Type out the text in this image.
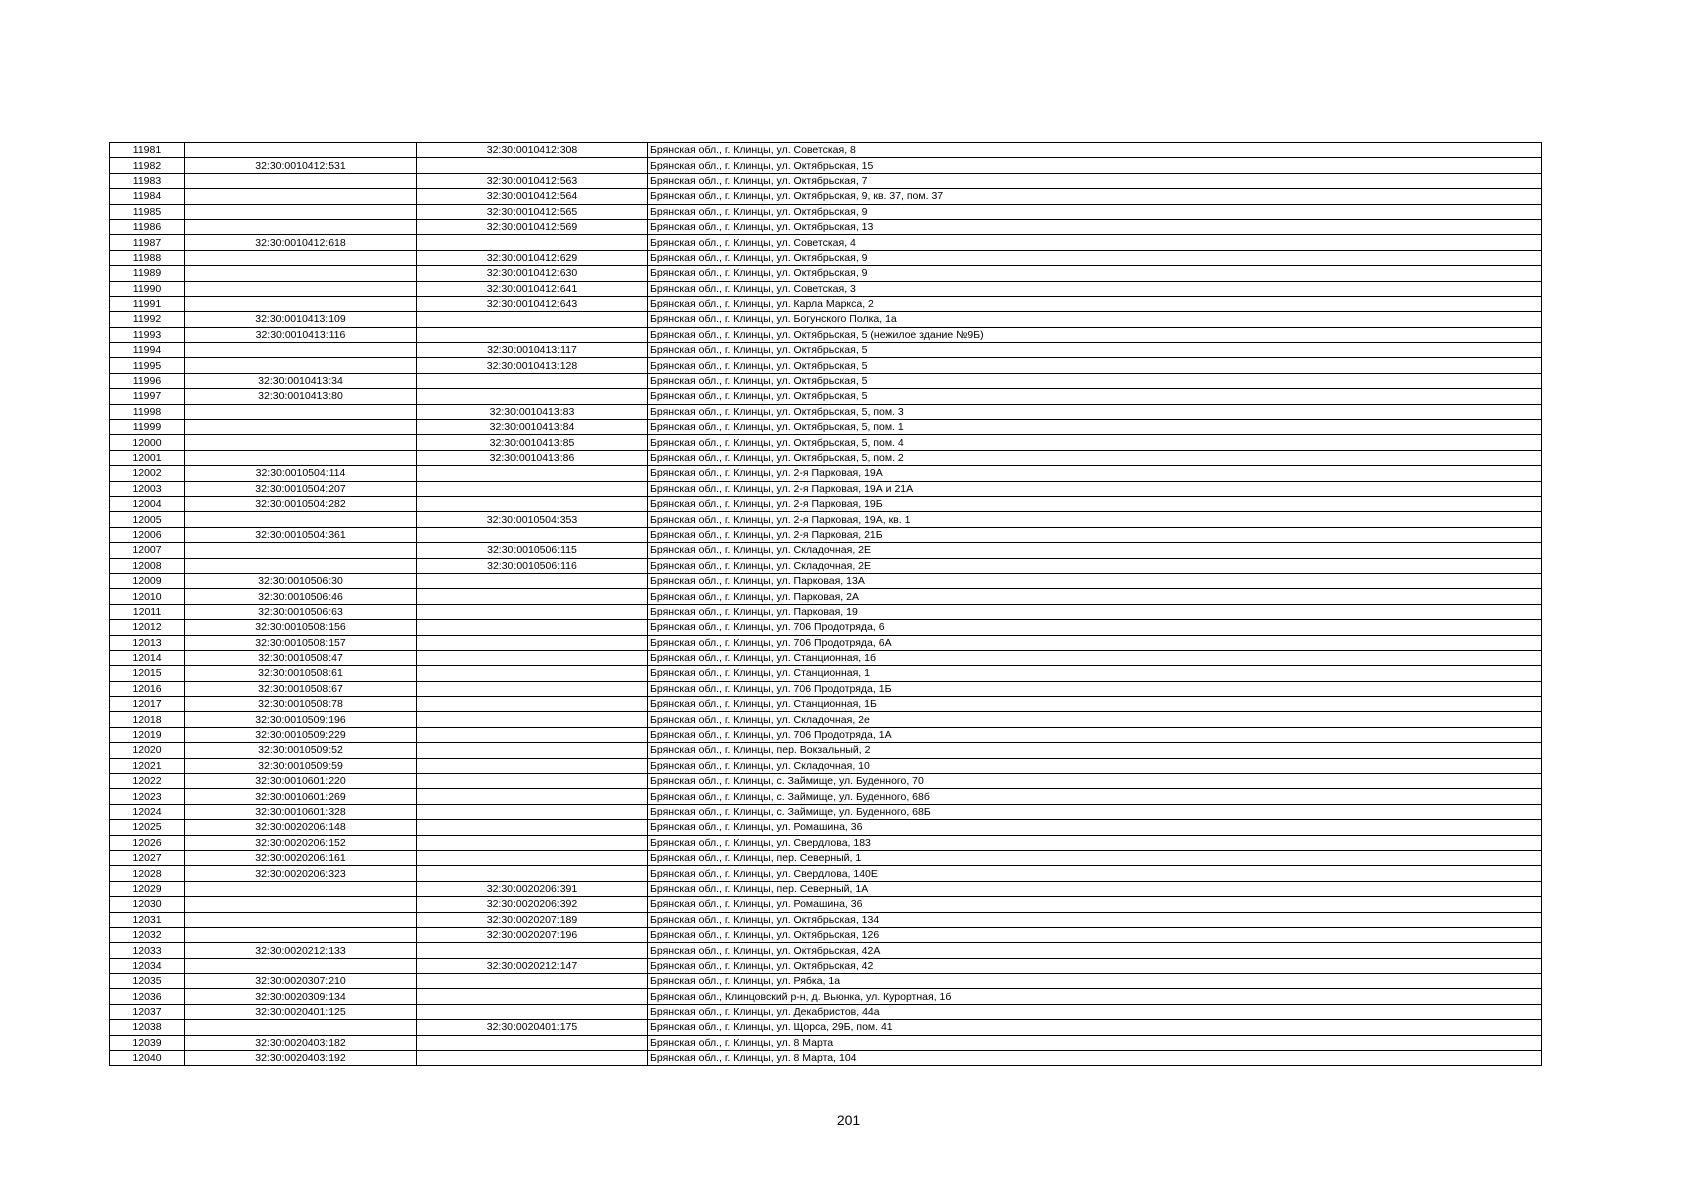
11981		32:30:0010412:308	Брянская обл., г. Клинцы, ул. Советская, 8
11982	32:30:0010412:531		Брянская обл., г. Клинцы, ул. Октябрьская, 15
11983		32:30:0010412:563	Брянская обл., г. Клинцы, ул. Октябрьская, 7
11984		32:30:0010412:564	Брянская обл., г. Клинцы, ул. Октябрьская, 9, кв. 37, пом. 37
11985		32:30:0010412:565	Брянская обл., г. Клинцы, ул. Октябрьская, 9
11986		32:30:0010412:569	Брянская обл., г. Клинцы, ул. Октябрьская, 13
11987	32:30:0010412:618		Брянская обл., г. Клинцы, ул. Советская, 4
11988		32:30:0010412:629	Брянская обл., г. Клинцы, ул. Октябрьская, 9
11989		32:30:0010412:630	Брянская обл., г. Клинцы, ул. Октябрьская, 9
11990		32:30:0010412:641	Брянская обл., г. Клинцы, ул. Советская, 3
11991		32:30:0010412:643	Брянская обл., г. Клинцы, ул. Карла Маркса, 2
11992	32:30:0010413:109		Брянская обл., г. Клинцы, ул. Богунского Полка, 1а
11993	32:30:0010413:116		Брянская обл., г. Клинцы, ул. Октябрьская, 5 (нежилое здание №9Б)
11994		32:30:0010413:117	Брянская обл., г. Клинцы, ул. Октябрьская, 5
11995		32:30:0010413:128	Брянская обл., г. Клинцы, ул. Октябрьская, 5
11996	32:30:0010413:34		Брянская обл., г. Клинцы, ул. Октябрьская, 5
11997	32:30:0010413:80		Брянская обл., г. Клинцы, ул. Октябрьская, 5
11998		32:30:0010413:83	Брянская обл., г. Клинцы, ул. Октябрьская, 5, пом. 3
11999		32:30:0010413:84	Брянская обл., г. Клинцы, ул. Октябрьская, 5, пом. 1
12000		32:30:0010413:85	Брянская обл., г. Клинцы, ул. Октябрьская, 5, пом. 4
12001		32:30:0010413:86	Брянская обл., г. Клинцы, ул. Октябрьская, 5, пом. 2
12002	32:30:0010504:114		Брянская обл., г. Клинцы, ул. 2-я Парковая, 19А
12003	32:30:0010504:207		Брянская обл., г. Клинцы, ул. 2-я Парковая, 19А и 21А
12004	32:30:0010504:282		Брянская обл., г. Клинцы, ул. 2-я Парковая, 19Б
12005		32:30:0010504:353	Брянская обл., г. Клинцы, ул. 2-я Парковая, 19А, кв. 1
12006	32:30:0010504:361		Брянская обл., г. Клинцы, ул. 2-я Парковая, 21Б
12007		32:30:0010506:115	Брянская обл., г. Клинцы, ул. Складочная, 2Е
12008		32:30:0010506:116	Брянская обл., г. Клинцы, ул. Складочная, 2Е
12009	32:30:0010506:30		Брянская обл., г. Клинцы, ул. Парковая, 13А
12010	32:30:0010506:46		Брянская обл., г. Клинцы, ул. Парковая, 2А
12011	32:30:0010506:63		Брянская обл., г. Клинцы, ул. Парковая, 19
12012	32:30:0010508:156		Брянская обл., г. Клинцы, ул. 706 Продотряда, 6
12013	32:30:0010508:157		Брянская обл., г. Клинцы, ул. 706 Продотряда, 6А
12014	32:30:0010508:47		Брянская обл., г. Клинцы, ул. Станционная, 1б
12015	32:30:0010508:61		Брянская обл., г. Клинцы, ул. Станционная, 1
12016	32:30:0010508:67		Брянская обл., г. Клинцы, ул. 706 Продотряда, 1Б
12017	32:30:0010508:78		Брянская обл., г. Клинцы, ул. Станционная, 1Б
12018	32:30:0010509:196		Брянская обл., г. Клинцы, ул. Складочная, 2е
12019	32:30:0010509:229		Брянская обл., г. Клинцы, ул. 706 Продотряда, 1А
12020	32:30:0010509:52		Брянская обл., г. Клинцы, пер. Вокзальный, 2
12021	32:30:0010509:59		Брянская обл., г. Клинцы, ул. Складочная, 10
12022	32:30:0010601:220		Брянская обл., г. Клинцы, с. Займище, ул. Буденного, 70
12023	32:30:0010601:269		Брянская обл., г. Клинцы, с. Займище, ул. Буденного, 68б
12024	32:30:0010601:328		Брянская обл., г. Клинцы, с. Займище, ул. Буденного, 68Б
12025	32:30:0020206:148		Брянская обл., г. Клинцы, ул. Ромашина, 36
12026	32:30:0020206:152		Брянская обл., г. Клинцы, ул. Свердлова, 183
12027	32:30:0020206:161		Брянская обл., г. Клинцы, пер. Северный, 1
12028	32:30:0020206:323		Брянская обл., г. Клинцы, ул. Свердлова, 140Е
12029		32:30:0020206:391	Брянская обл., г. Клинцы, пер. Северный, 1А
12030		32:30:0020206:392	Брянская обл., г. Клинцы, ул. Ромашина, 36
12031		32:30:0020207:189	Брянская обл., г. Клинцы, ул. Октябрьская, 134
12032		32:30:0020207:196	Брянская обл., г. Клинцы, ул. Октябрьская, 126
12033	32:30:0020212:133		Брянская обл., г. Клинцы, ул. Октябрьская, 42А
12034		32:30:0020212:147	Брянская обл., г. Клинцы, ул. Октябрьская, 42
12035	32:30:0020307:210		Брянская обл., г. Клинцы, ул. Рябка, 1а
12036	32:30:0020309:134		Брянская обл., Клинцовский р-н, д. Вьюнка, ул. Курортная, 1б
12037	32:30:0020401:125		Брянская обл., г. Клинцы, ул. Декабристов, 44а
12038		32:30:0020401:175	Брянская обл., г. Клинцы, ул. Щорса, 29Б, пом. 41
12039	32:30:0020403:182		Брянская обл., г. Клинцы, ул. 8 Марта
12040	32:30:0020403:192		Брянская обл., г. Клинцы, ул. 8 Марта, 104
201
